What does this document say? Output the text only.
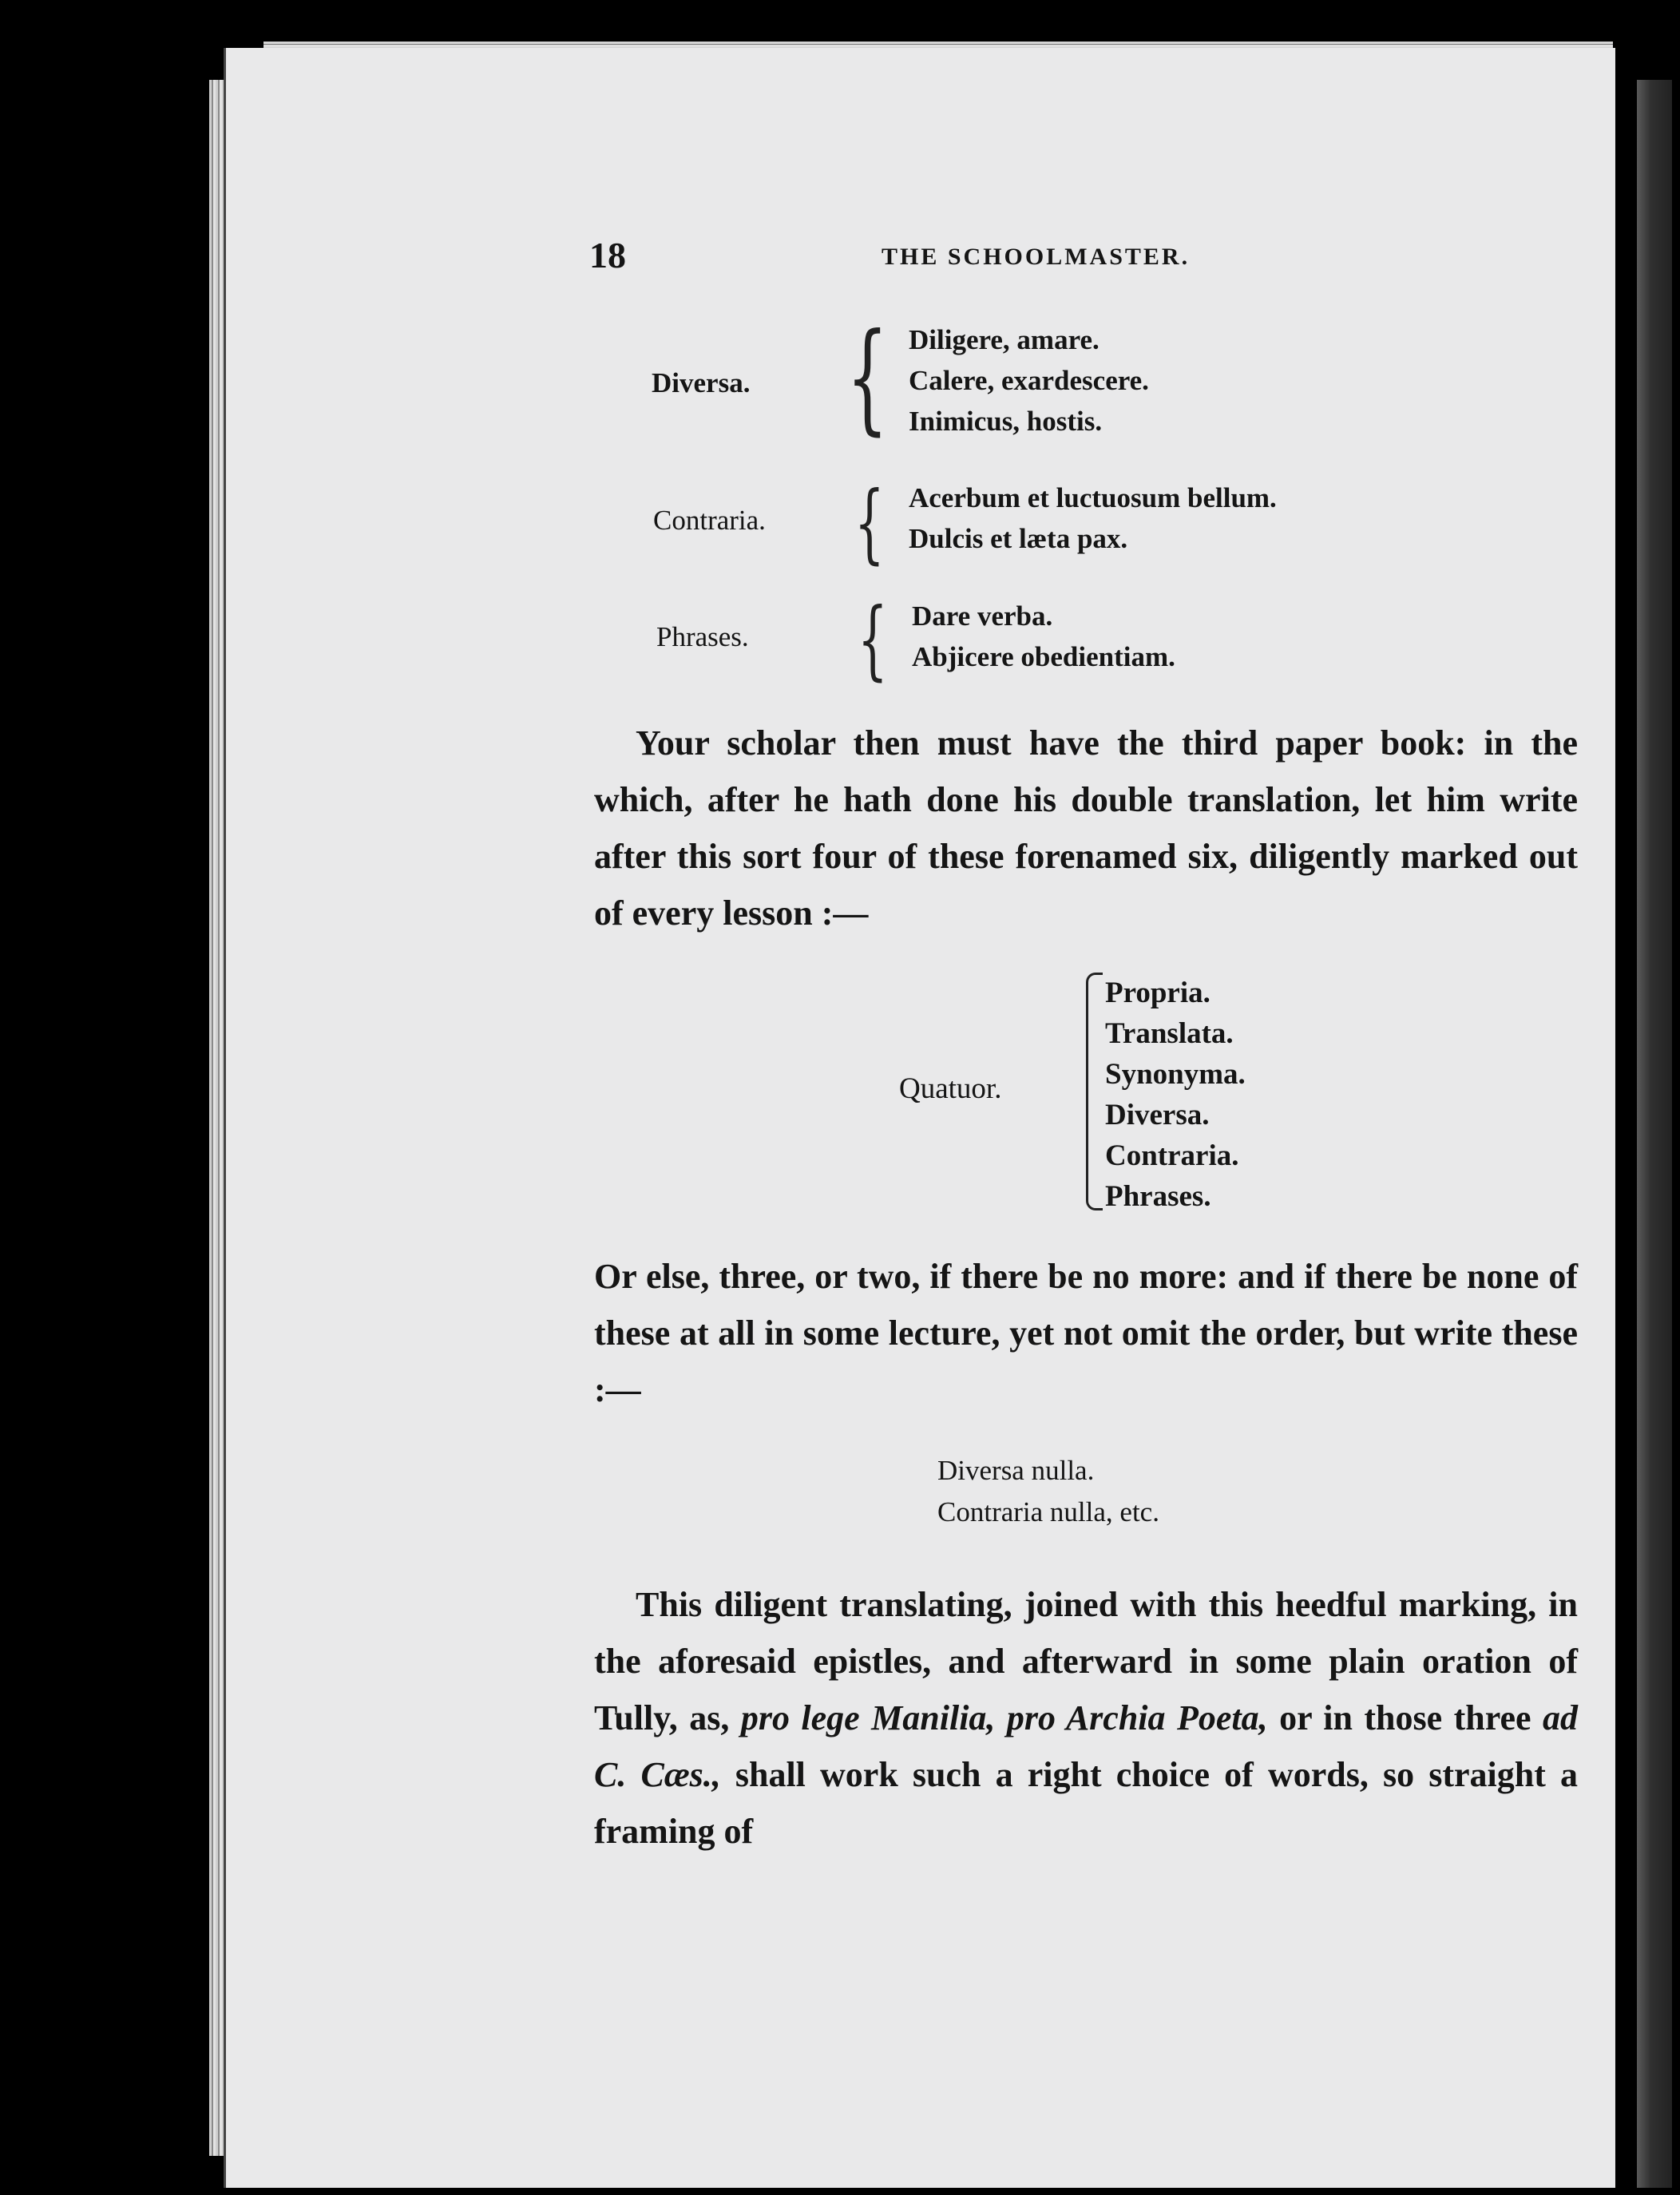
18	THE SCHOOLMASTER.
Diversa. { Diligere, amare.
Calere, exardescere.
Inimicus, hostis.
Contraria. { Acerbum et luctuosum bellum.
Dulcis et læta pax.
Phrases. { Dare verba.
Abjicere obedientiam.

Your scholar then must have the third paper book: in the which, after he hath done his double translation, let him write after this sort four of these forenamed six, diligently marked out of every lesson :—

Quatuor.
Propria.
Translata.
Synonyma.
Diversa.
Contraria.
Phrases.

Or else, three, or two, if there be no more: and if there be none of these at all in some lecture, yet not omit the order, but write these :—

Diversa nulla.
Contraria nulla, etc.

This diligent translating, joined with this heedful marking, in the aforesaid epistles, and afterward in some plain oration of Tully, as, pro lege Manilia, pro Archia Poeta, or in those three ad C. Cæs., shall work such a right choice of words, so straight a framing of
